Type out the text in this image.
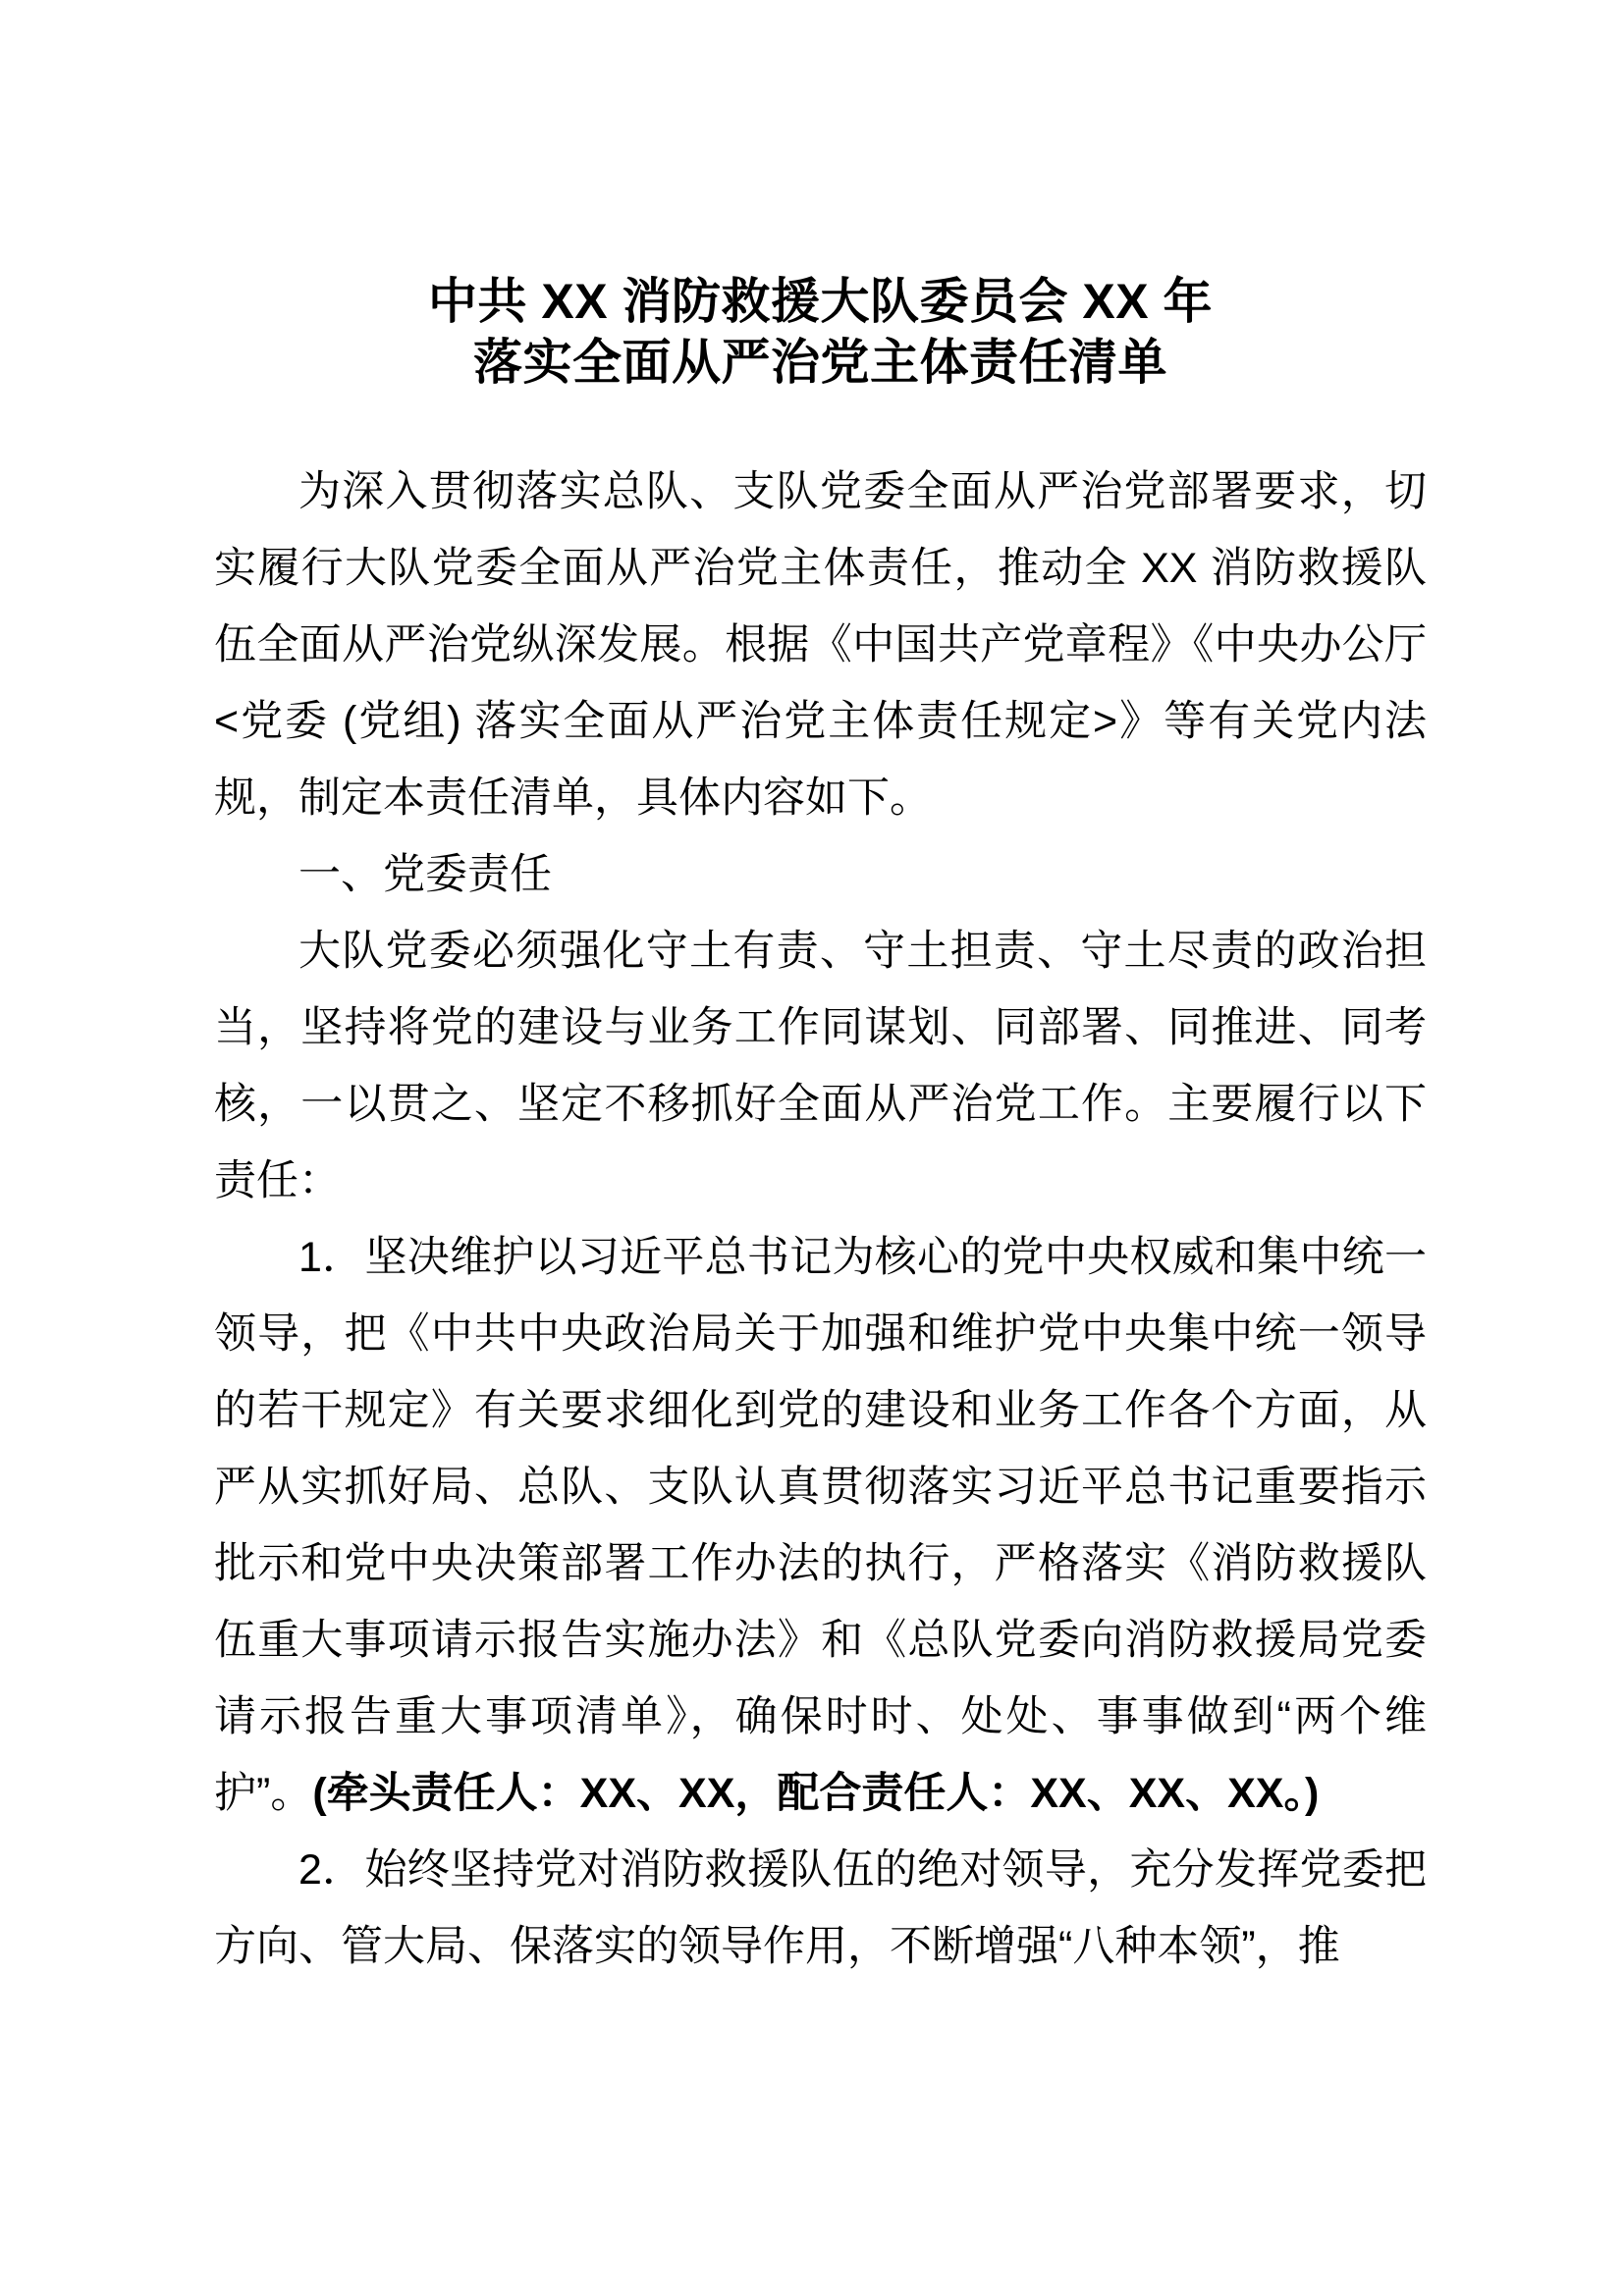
中共 XX 消防救援大队委员会 XX 年
落实全面从严治党主体责任清单

为深入贯彻落实总队、支队党委全面从严治党部署要求，切实履行大队党委全面从严治党主体责任，推动全 XX 消防救援队伍全面从严治党纵深发展。根据《中国共产党章程》《中央办公厅 <党委 (党组) 落实全面从严治党主体责任规定>》等有关党内法规，制定本责任清单，具体内容如下。

一、党委责任

大队党委必须强化守土有责、守土担责、守土尽责的政治担当，坚持将党的建设与业务工作同谋划、同部署、同推进、同考核，一以贯之、坚定不移抓好全面从严治党工作。主要履行以下责任：

1．坚决维护以习近平总书记为核心的党中央权威和集中统一领导，把《中共中央政治局关于加强和维护党中央集中统一领导的若干规定》有关要求细化到党的建设和业务工作各个方面，从严从实抓好局、总队、支队认真贯彻落实习近平总书记重要指示批示和党中央决策部署工作办法的执行，严格落实《消防救援队伍重大事项请示报告实施办法》和《总队党委向消防救援局党委请示报告重大事项清单》，确保时时、处处、事事做到“两个维护”。(牵头责任人：XX、XX，配合责任人：XX、XX、XX。)

2．始终坚持党对消防救援队伍的绝对领导，充分发挥党委把方向、管大局、保落实的领导作用，不断增强“八种本领”，推
